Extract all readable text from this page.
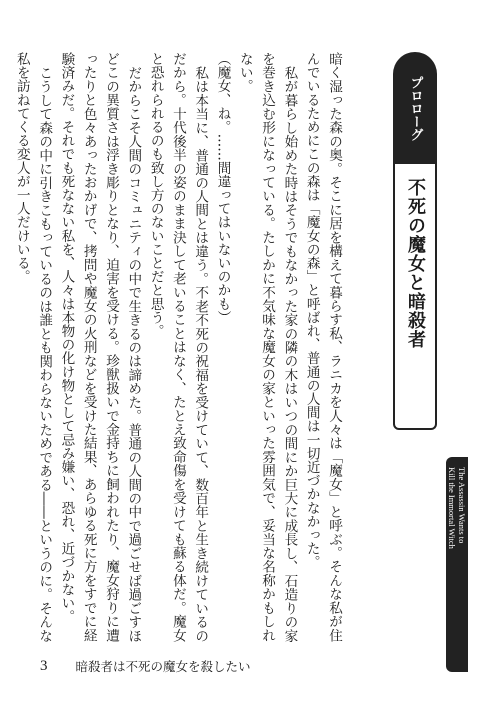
暗く湿った森の奥。そこに居を構えて暮らす私、ラニカを人々は「魔女」と呼ぶ。そんな私が住んでいるためにこの森は「魔女の森」と呼ばれ、普通の人間は一切近づかなかった。

私が暮らし始めた時はそうでもなかった家の隣の木はいつの間にか巨大に成長し、石造りの家を巻き込む形になっている。たしかに不気味な魔女の家といった雰囲気で、妥当な名称かもしれない。

（魔女、ね。……間違ってはいないのかも）

私は本当に、普通の人間とは違う。不老不死の祝福を受けていて、数百年と生き続けているのだから。十代後半の姿のまま決して老いることはなく、たとえ致命傷を受けても蘇る体だ。魔女と恐れられるのも致し方のないことだと思う。

だからこそ人間のコミュニティの中で生きるのは諦めた。普通の人間の中で過ごせば過ごすほどこの異質さは浮き彫りとなり、迫害を受ける。珍獣扱いで金持ちに飼われたり、魔女狩りに遭ったりと色々あったおかげで、拷問や魔女の火刑などを受けた結果、あらゆる死に方をすでに経験済みだ。それでも死なない私を、人々は本物の化け物として忌み嫌い、恐れ、近づかない。

こうして森の中に引きこもっているのは誰とも関わらないためである――というのに。そんな私を訪ねてくる変人が一人だけいる。	プロローグ
不死の魔女と暗殺者
The Assassin Wants to
Kill the Immortal Witch
3 暗殺者は不死の魔女を殺したい
